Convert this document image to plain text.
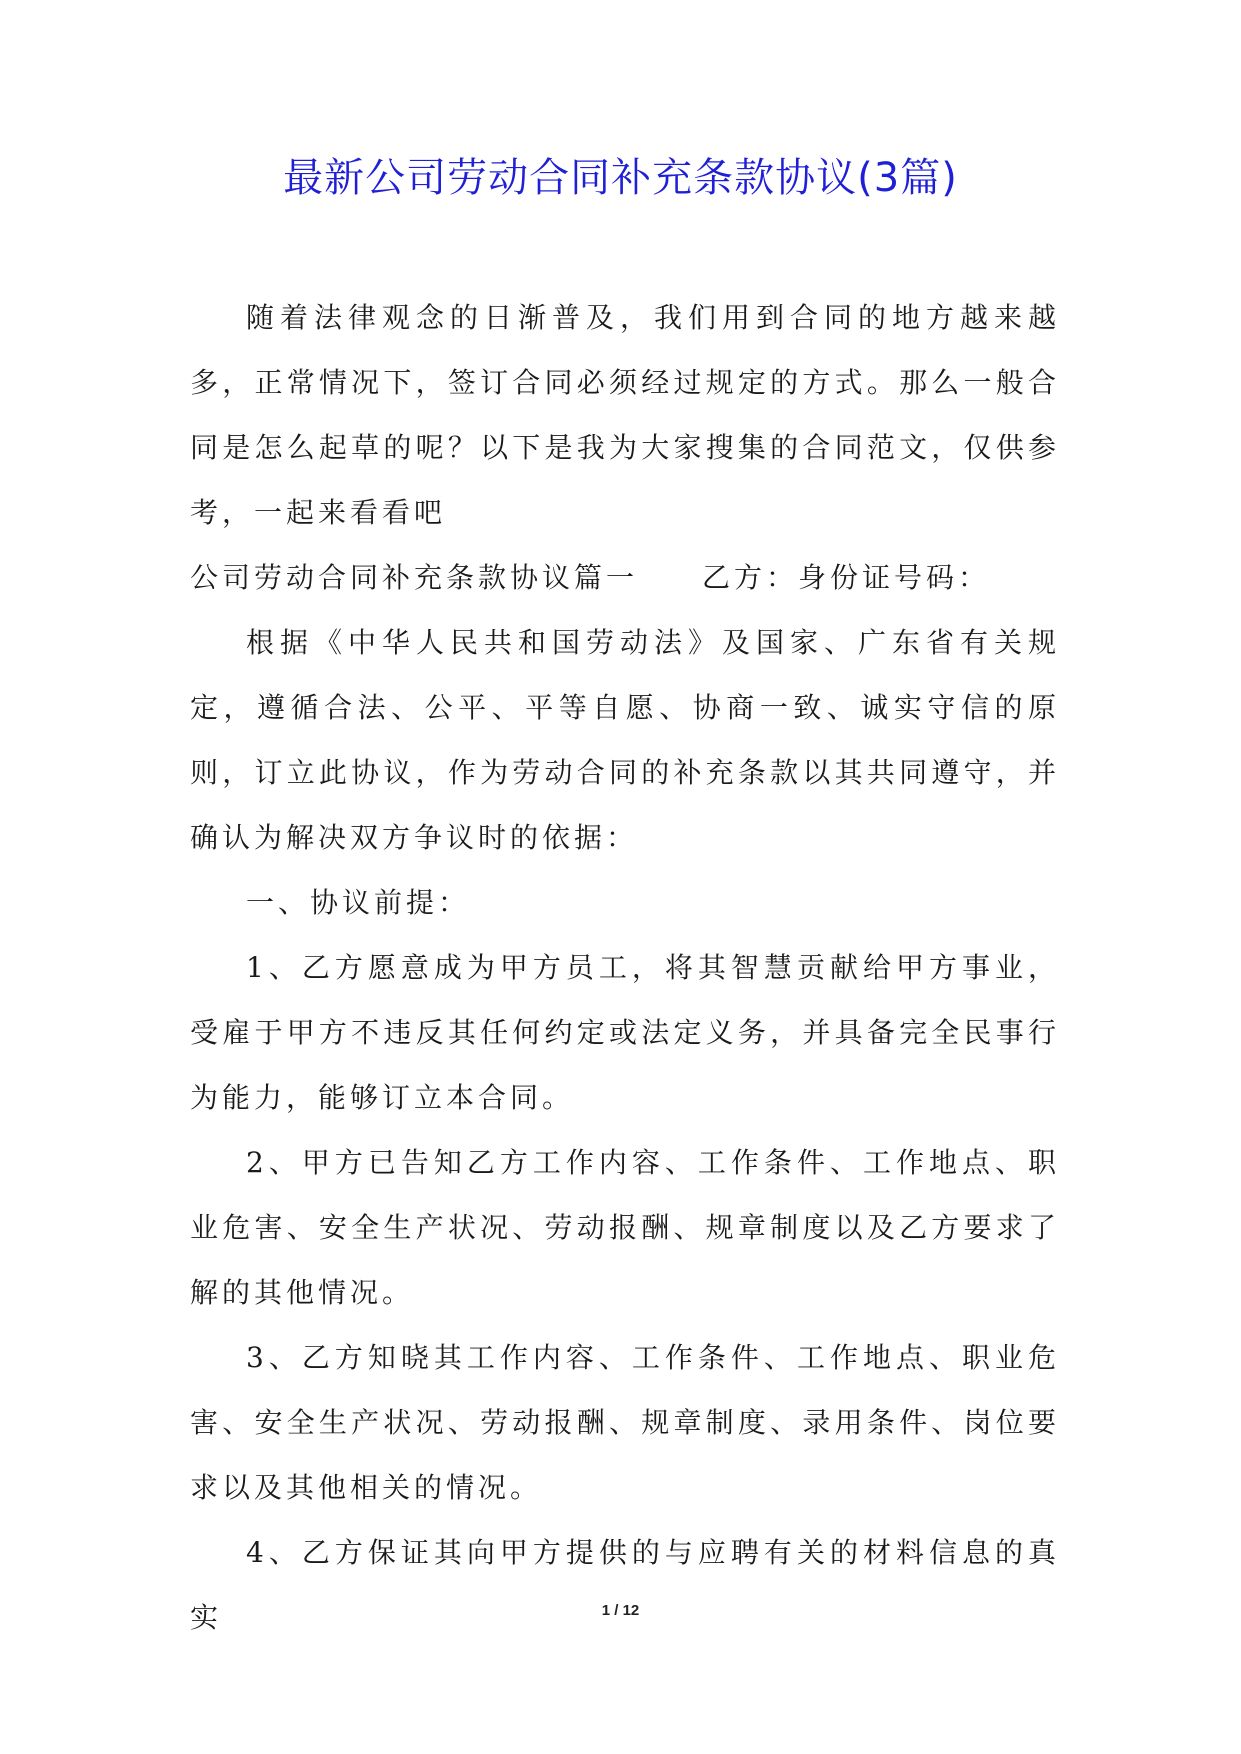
最新公司劳动合同补充条款协议(3篇)

随着法律观念的日渐普及，我们用到合同的地方越来越多，正常情况下，签订合同必须经过规定的方式。那么一般合同是怎么起草的呢？以下是我为大家搜集的合同范文，仅供参考，一起来看看吧

公司劳动合同补充条款协议篇一　　乙方：身份证号码：

根据《中华人民共和国劳动法》及国家、广东省有关规定，遵循合法、公平、平等自愿、协商一致、诚实守信的原则，订立此协议，作为劳动合同的补充条款以其共同遵守，并确认为解决双方争议时的依据：

一、协议前提：

1、乙方愿意成为甲方员工，将其智慧贡献给甲方事业，受雇于甲方不违反其任何约定或法定义务，并具备完全民事行为能力，能够订立本合同。

2、甲方已告知乙方工作内容、工作条件、工作地点、职业危害、安全生产状况、劳动报酬、规章制度以及乙方要求了解的其他情况。

3、乙方知晓其工作内容、工作条件、工作地点、职业危害、安全生产状况、劳动报酬、规章制度、录用条件、岗位要求以及其他相关的情况。

4、乙方保证其向甲方提供的与应聘有关的材料信息的真实	1 / 12
